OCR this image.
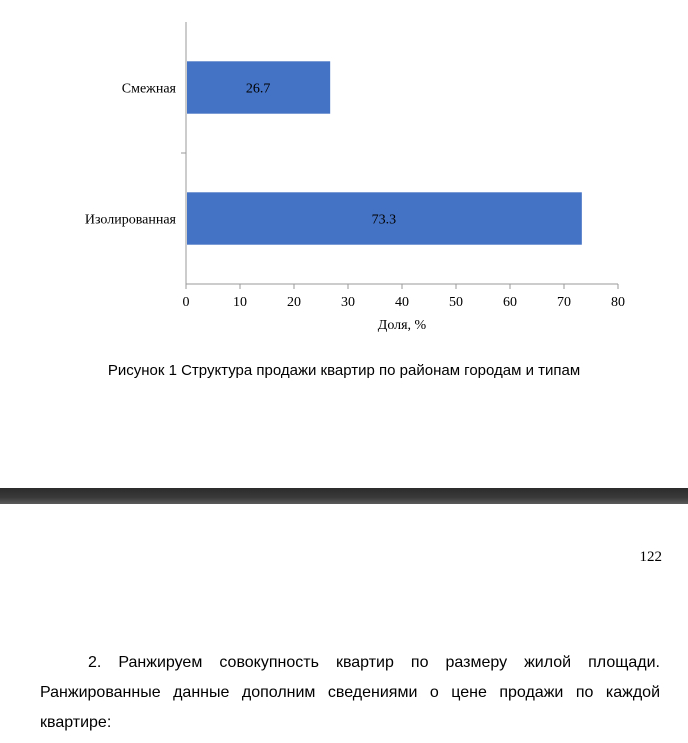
26.7
Смежная
73.3
Изолированная
0	10	20	30	40	50	60	70	80
Доля, %
Рисунок 1 Структура продажи квартир по районам городам и типам
122

2. Ранжируем совокупность квартир по размеру жилой площади. Ранжированные данные дополним сведениями о цене продажи по каждой квартире:
